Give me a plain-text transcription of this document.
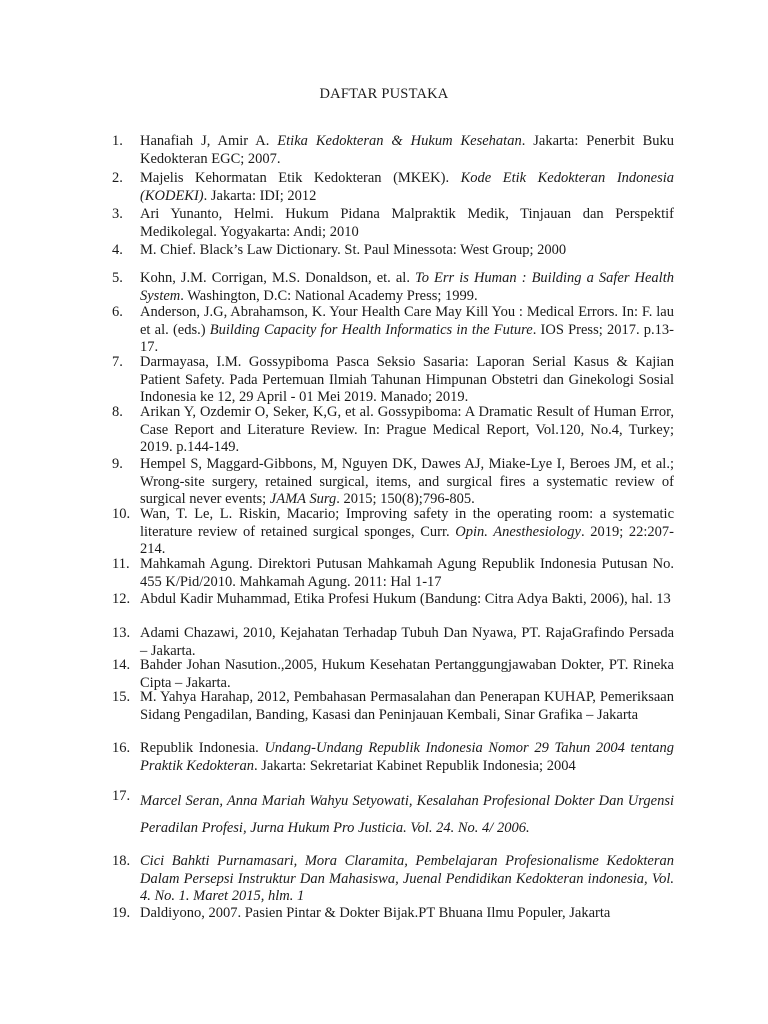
DAFTAR PUSTAKA
1.	Hanafiah J, Amir A. Etika Kedokteran & Hukum Kesehatan. Jakarta: Penerbit Buku Kedokteran EGC; 2007.
2.	Majelis Kehormatan Etik Kedokteran (MKEK). Kode Etik Kedokteran Indonesia (KODEKI). Jakarta: IDI; 2012
3.	Ari Yunanto, Helmi. Hukum Pidana Malpraktik Medik, Tinjauan dan Perspektif Medikolegal. Yogyakarta: Andi; 2010
4.	M. Chief. Black’s Law Dictionary. St. Paul Minessota: West Group; 2000
5.	Kohn, J.M. Corrigan, M.S. Donaldson, et. al. To Err is Human : Building a Safer Health System. Washington, D.C: National Academy Press; 1999.
6.	Anderson, J.G, Abrahamson, K. Your Health Care May Kill You : Medical Errors. In: F. lau et al. (eds.) Building Capacity for Health Informatics in the Future. IOS Press; 2017. p.13-17.
7.	Darmayasa, I.M. Gossypiboma Pasca Seksio Sasaria: Laporan Serial Kasus & Kajian Patient Safety. Pada Pertemuan Ilmiah Tahunan Himpunan Obstetri dan Ginekologi Sosial Indonesia ke 12, 29 April - 01 Mei 2019. Manado; 2019.
8.	Arikan Y, Ozdemir O, Seker, K,G, et al. Gossypiboma: A Dramatic Result of Human Error, Case Report and Literature Review. In: Prague Medical Report, Vol.120, No.4, Turkey; 2019. p.144-149.
9.	Hempel S, Maggard-Gibbons, M, Nguyen DK, Dawes AJ, Miake-Lye I, Beroes JM, et al.; Wrong-site surgery, retained surgical, items, and surgical fires a systematic review of surgical never events; JAMA Surg. 2015; 150(8);796-805.
10. Wan, T. Le, L. Riskin, Macario; Improving safety in the operating room: a systematic literature review of retained surgical sponges, Curr. Opin. Anesthesiology. 2019; 22:207-214.
11. Mahkamah Agung. Direktori Putusan Mahkamah Agung Republik Indonesia Putusan No. 455 K/Pid/2010. Mahkamah Agung. 2011: Hal 1-17
12. Abdul Kadir Muhammad, Etika Profesi Hukum (Bandung: Citra Adya Bakti, 2006), hal. 13
13. Adami Chazawi, 2010, Kejahatan Terhadap Tubuh Dan Nyawa, PT. RajaGrafindo Persada – Jakarta.
14. Bahder Johan Nasution.,2005, Hukum Kesehatan Pertanggungjawaban Dokter, PT. Rineka Cipta – Jakarta.
15. M. Yahya Harahap, 2012, Pembahasan Permasalahan dan Penerapan KUHAP, Pemeriksaan Sidang Pengadilan, Banding, Kasasi dan Peninjauan Kembali, Sinar Grafika – Jakarta
16. Republik Indonesia. Undang-Undang Republik Indonesia Nomor 29 Tahun 2004 tentang Praktik Kedokteran. Jakarta: Sekretariat Kabinet Republik Indonesia; 2004
17. Marcel Seran, Anna Mariah Wahyu Setyowati, Kesalahan Profesional Dokter Dan Urgensi Peradilan Profesi, Jurna Hukum Pro Justicia. Vol. 24. No. 4/ 2006.
18. Cici Bahkti Purnamasari, Mora Claramita, Pembelajaran Profesionalisme Kedokteran Dalam Persepsi Instruktur Dan Mahasiswa, Juenal Pendidikan Kedokteran indonesia, Vol. 4. No. 1. Maret 2015, hlm. 1
19. Daldiyono, 2007. Pasien Pintar & Dokter Bijak.PT Bhuana Ilmu Populer, Jakarta
